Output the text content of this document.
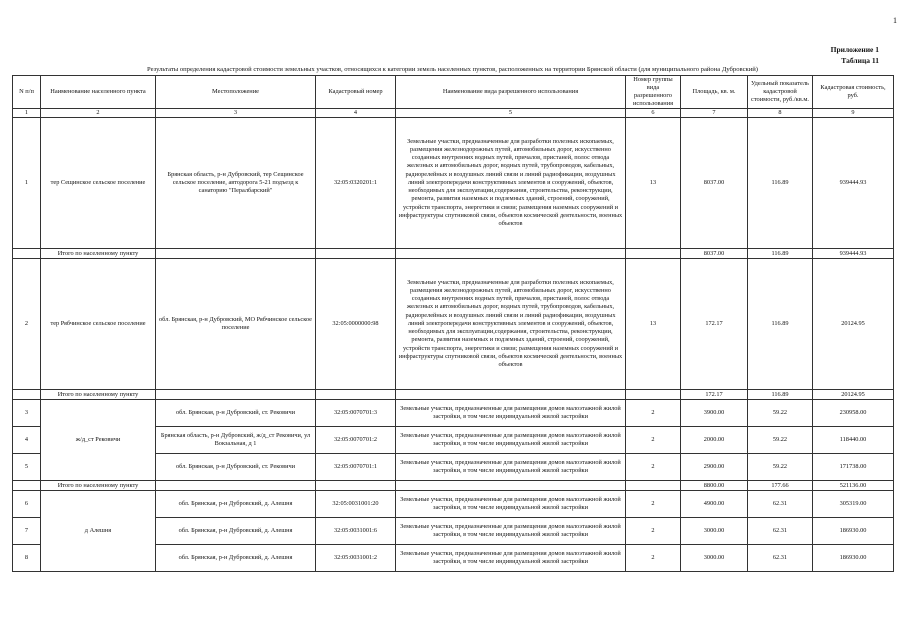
1
Приложение 1
Таблица 11
Результаты определения кадастровой стоимости земельных участков, относящихся к категории земель населенных пунктов, расположенных на территории Брянской области (для муниципального района Дубровский)
N п/п	Наименование населенного пункта	Местоположение	Кадастровый номер	Наименование вида разрешенного использования	Номер группы вида разрешенного использования	Площадь, кв. м.	Удельный показатель кадастровой стоимости, руб./кв.м.	Кадастровая стоимость, руб.
1	2	3	4	5	6	7	8	9
1	тер Сещинское сельское поселение	Брянская область, р-н Дубровский, тер Сещинское сельское поселение, автодорога 5-21 подъезд к санаторию "Пералбарский"	32:05:0320201:1	Земельные участки, предназначенные для разработки полезных ископаемых, размещения железнодорожных путей, автомобильных дорог, искусственно созданных внутренних водных путей, причалов, пристаней, полос отвода железных и автомобильных дорог, водных путей, трубопроводов, кабельных, радиорелейных и воздушных линий связи и линий радиофикации, воздушных линий электропередачи конструктивных элементов и сооружений, объектов, необходимых для эксплуатации,содержания, строительства, реконструкции, ремонта, развития наземных и подземных зданий, строений, сооружений, устройств транспорта, энергетики и связи; размещения наземных сооружений и инфраструктуры спутниковой связи, объектов космической деятельности, военных объектов	13	8037.00	116.89	939444.93
	Итого по населенному пункту					8037.00	116.89	939444.93
2	тер Рябчинское сельское поселение	обл. Брянская, р-н Дубровский, МО Рябчинское сельское поселение	32:05:0000000:98	Земельные участки, предназначенные для разработки полезных ископаемых, размещения железнодорожных путей, автомобильных дорог, искусственно созданных внутренних водных путей, причалов, пристаней, полос отвода железных и автомобильных дорог, водных путей, трубопроводов, кабельных, радиорелейных и воздушных линий связи и линий радиофикации, воздушных линий электропередачи конструктивных элементов и сооружений, объектов, необходимых для эксплуатации,содержания, строительства, реконструкции, ремонта, развития наземных и подземных зданий, строений, сооружений, устройств транспорта, энергетики и связи; размещения наземных сооружений и инфраструктуры спутниковой связи, объектов космической деятельности, военных объектов	13	172.17	116.89	20124.95
	Итого по населенному пункту					172.17	116.89	20124.95
3	ж/д_ст Рековичи	обл. Брянская, р-н Дубровский, ст. Рековичи	32:05:0070701:3	Земельные участки, предназначенные для размещения домов малоэтажной жилой застройки, в том числе индивидуальной жилой застройки	2	3900.00	59.22	230958.00
4		Брянская область, р-н Дубровский, ж/д_ст Рековичи, ул Вокзальная, д 1	32:05:0070701:2	Земельные участки, предназначенные для размещения домов малоэтажной жилой застройки, в том числе индивидуальной жилой застройки	2	2000.00	59.22	118440.00
5		обл. Брянская, р-н Дубровский, ст. Рековичи	32:05:0070701:1	Земельные участки, предназначенные для размещения домов малоэтажной жилой застройки, в том числе индивидуальной жилой застройки	2	2900.00	59.22	171738.00
	Итого по населенному пункту					8800.00	177.66	521136.00
6	д Алешня	обл. Брянская, р-н Дубровский, д. Алешня	32:05:0031001:20	Земельные участки, предназначенные для размещения домов малоэтажной жилой застройки, в том числе индивидуальной жилой застройки	2	4900.00	62.31	305319.00
7		обл. Брянская, р-н Дубровский, д. Алешня	32:05:0031001:6	Земельные участки, предназначенные для размещения домов малоэтажной жилой застройки, в том числе индивидуальной жилой застройки	2	3000.00	62.31	186930.00
8		обл. Брянская, р-н Дубровский, д. Алешня	32:05:0031001:2	Земельные участки, предназначенные для размещения домов малоэтажной жилой застройки, в том числе индивидуальной жилой застройки	2	3000.00	62.31	186930.00
